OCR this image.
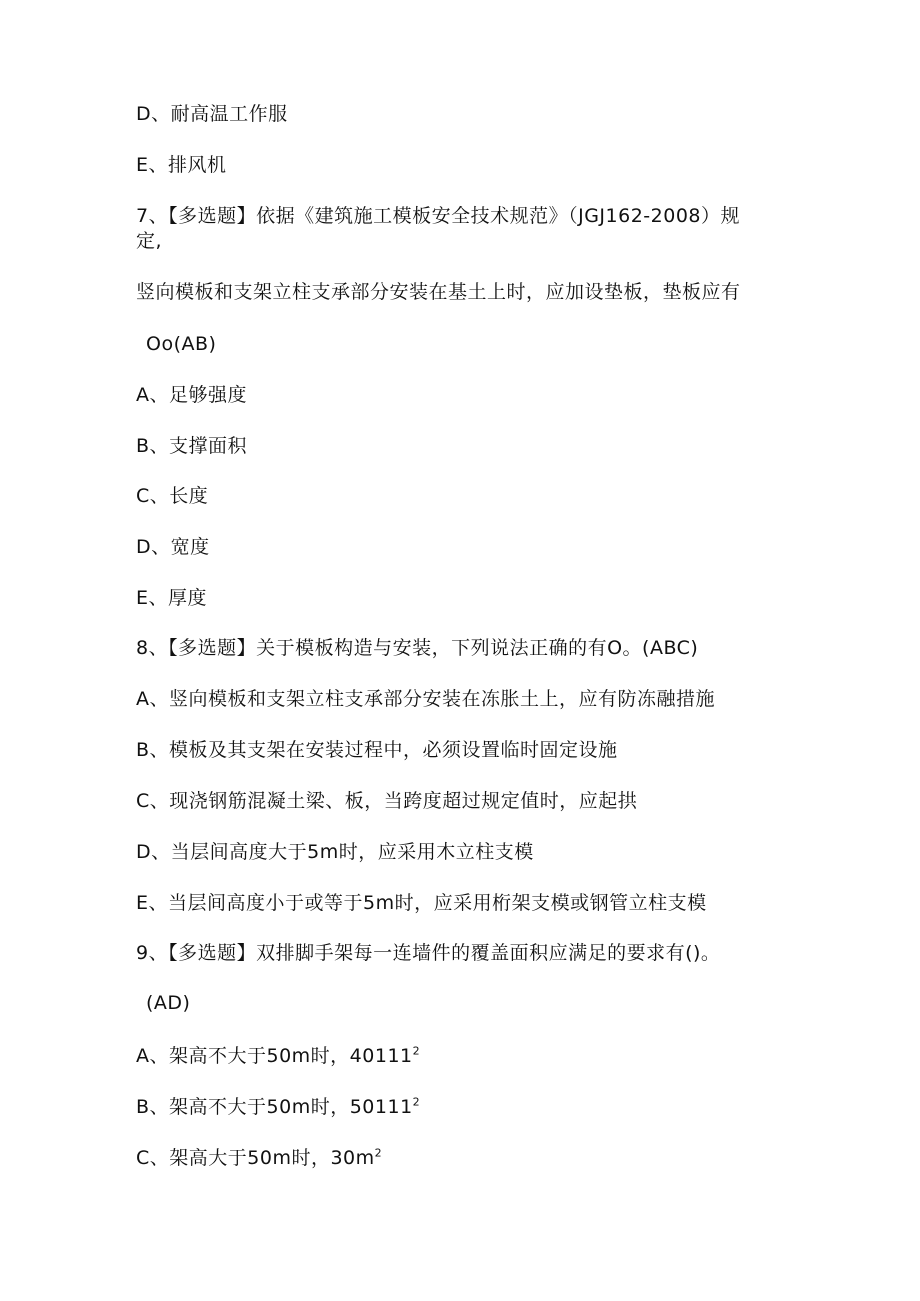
D、耐高温工作服
E、排风机
7、【多选题】依据《建筑施工模板安全技术规范》（JGJ162-2008）规
定,
竖向模板和支架立柱支承部分安装在基土上时，应加设垫板，垫板应有
Oo(AB)
A、足够强度
B、支撑面积
C、长度
D、宽度
E、厚度
8、【多选题】关于模板构造与安装，下列说法正确的有O。(ABC)
A、竖向模板和支架立柱支承部分安装在冻胀土上，应有防冻融措施
B、模板及其支架在安装过程中，必须设置临时固定设施
C、现浇钢筋混凝土梁、板，当跨度超过规定值时，应起拱
D、当层间高度大于5m时，应采用木立柱支模
E、当层间高度小于或等于5m时，应采用桁架支模或钢管立柱支模
9、【多选题】双排脚手架每一连墙件的覆盖面积应满足的要求有()。
(AD)
A、架高不大于50m时，40111$^2$
B、架高不大于50m时，50111$^2$
C、架高大于50m时，$30m^2$
